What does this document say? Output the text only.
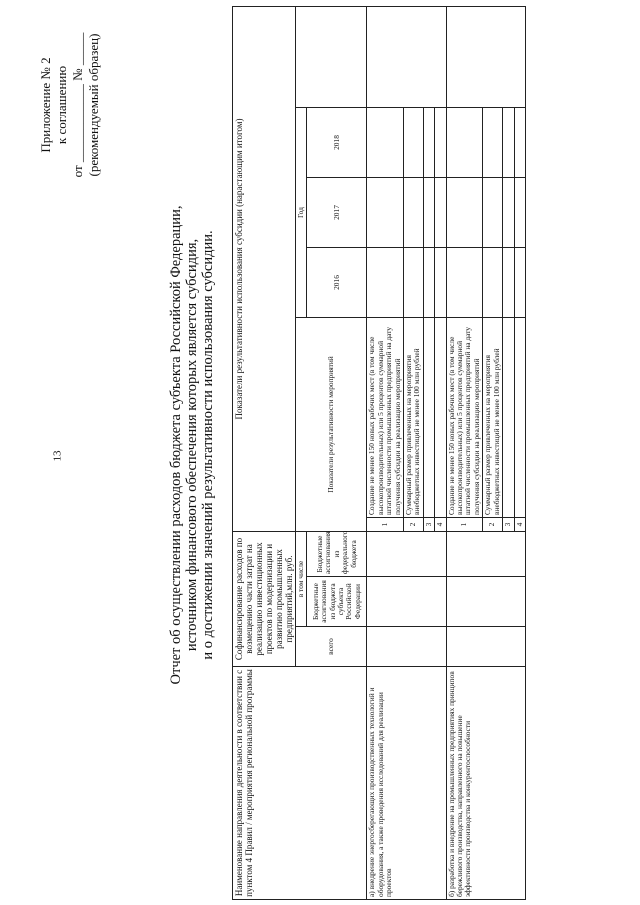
Приложение № 2 к соглашению
от ____________ № _____ (рекомендуемый образец)
Отчет об осуществлении расходов бюджета субъекта Российской Федерации, источником финансового обеспечения которых является субсидия, и о достижении значений результативности использования субсидии.
Наименование направления деятельности в соответствии с пунктом 4 Правил / мероприятия региональной программы	Софинансирование расходов по возмещению части затрат на реализацию инвестиционных проектов по модернизации и развитию промышленных предприятий,млн. руб.			Показатели результативности использования субсидии (нарастающим итогом)					
	всего	в том числе		Показатели результативности мероприятий		Год			
		Бюджетные ассигнования из бюджета субъекта Российской Федерации	Бюджетные ассигнования из федерального бюджета			2016	2017	2018	
а) внедрение энергосберегающих производственных технологий и оборудования, а также проведения исследований для реализации проектов				1	Создание не менее 150 новых рабочих мест (в том числе высокопроизводительных) или 5 процентов суммарной штатной численности промышленных предприятий на дату получения субсидии на реализацию мероприятий				
				2	Суммарный размер привлеченных на мероприятия внебюджетных инвестиций не менее 100 млн рублей				
				3					
				4					
б) разработка и внедрение на промышленных предприятиях принципов бережливого производства, направленного на повышение эффективности производства и конкурентоспособности				1	Создание не менее 150 новых рабочих мест (в том числе высокопроизводительных) или 5 процентов суммарной штатной численности промышленных предприятий на дату получения субсидии на реализацию мероприятий				
				2	Суммарный размер привлеченных на мероприятия внебюджетных инвестиций не менее 100 млн рублей				
				3					
				4					
13
